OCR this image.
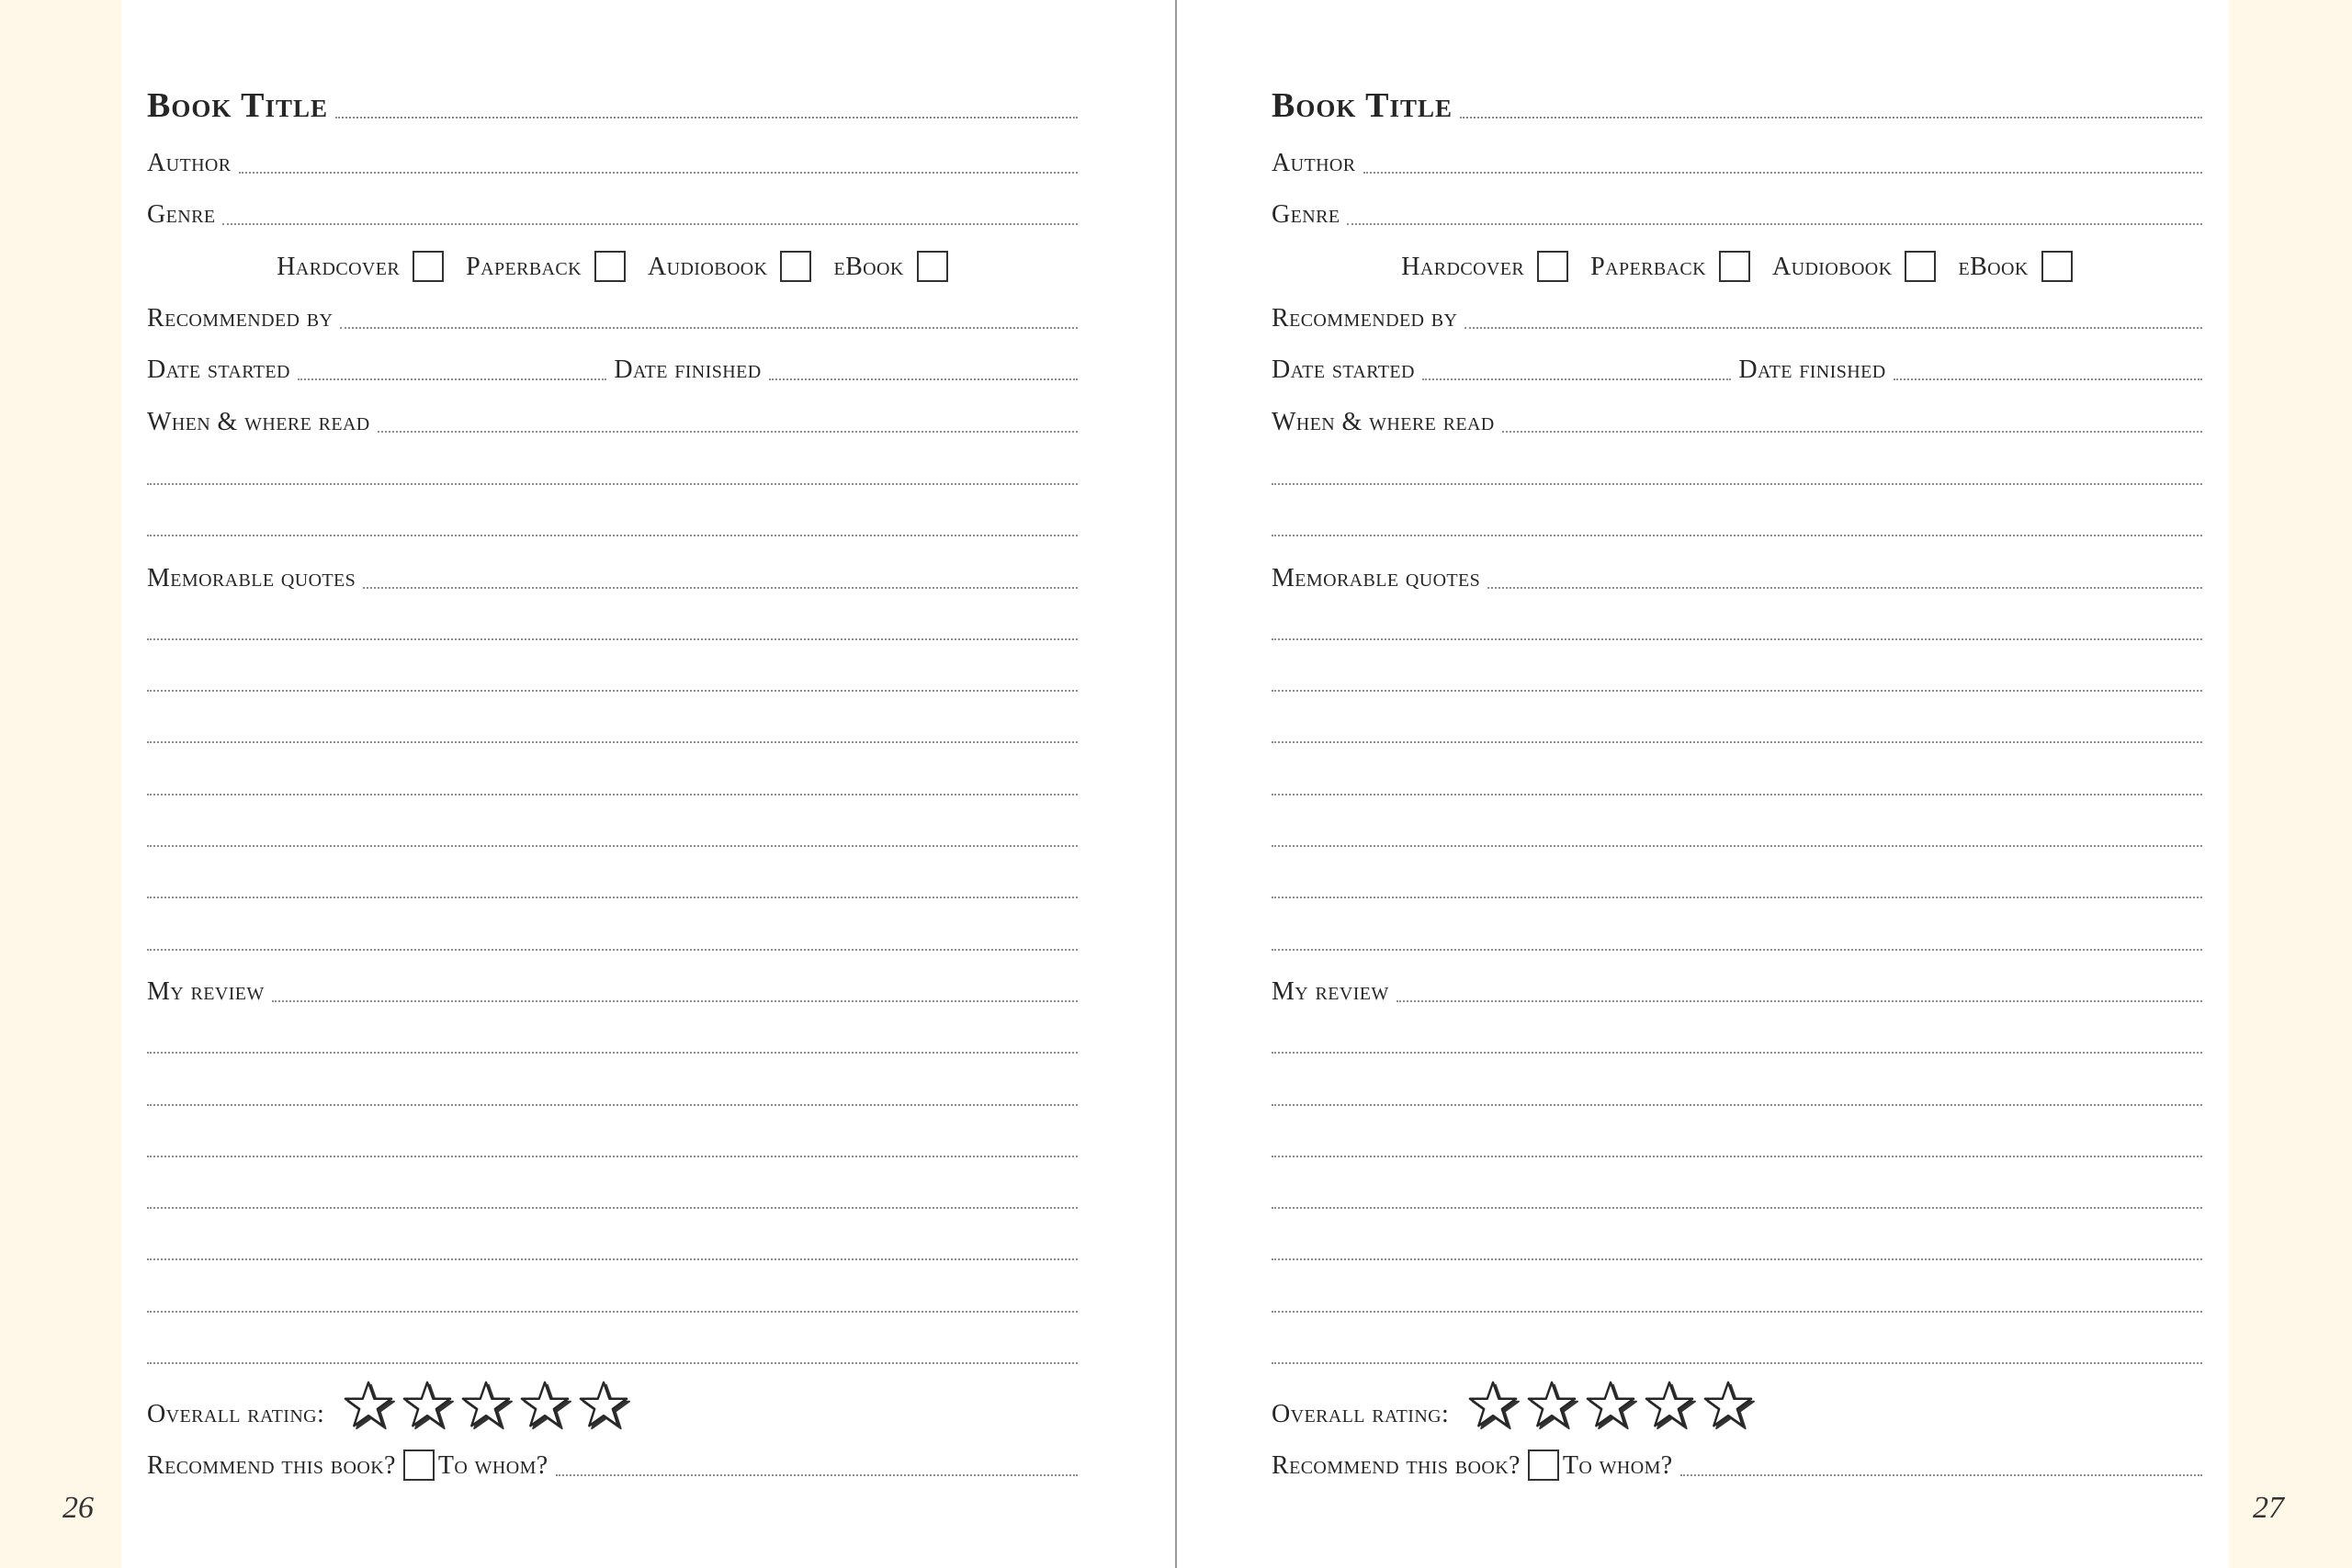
26	27
Book Title
Author
Genre
Hardcover	Paperback	Audiobook	eBook
Recommended by
Date started	Date finished
When & where read
Memorable quotes
My review
Overall rating:
Recommend this book? To whom?
Book Title
Author
Genre
Hardcover	Paperback	Audiobook	eBook
Recommended by
Date started	Date finished
When & where read
Memorable quotes
My review
Overall rating:
Recommend this book? To whom?
